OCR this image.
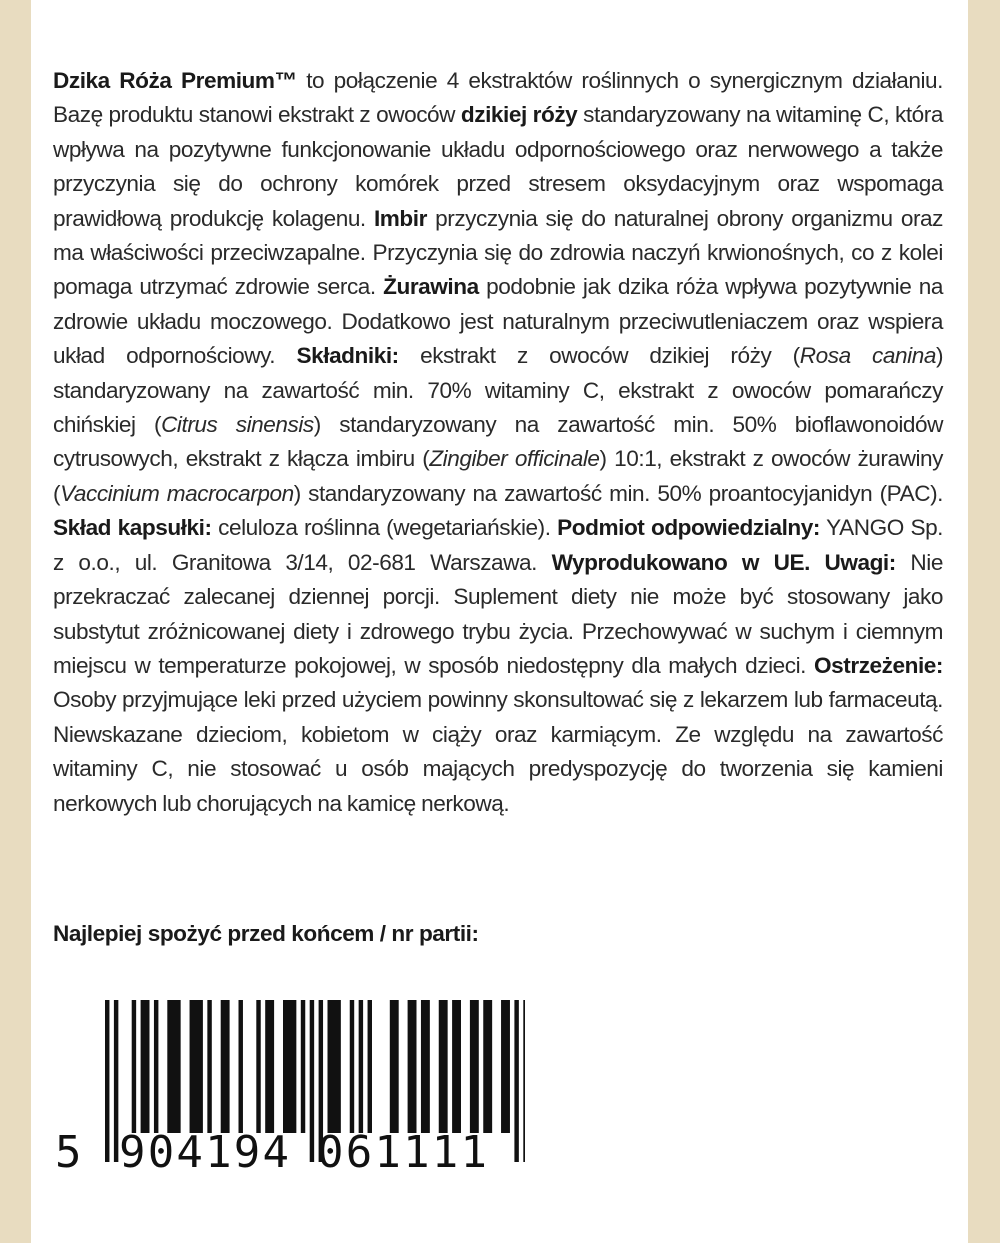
Dzika Róża Premium™ to połączenie 4 ekstraktów roślinnych o synergicznym działaniu. Bazę produktu stanowi ekstrakt z owoców dzikiej róży standaryzowany na witaminę C, która wpływa na pozytywne funkcjonowanie układu odpornościowego oraz nerwowego a także przyczynia się do ochrony komórek przed stresem oksydacyjnym oraz wspomaga prawidłową produkcję kolagenu. Imbir przyczynia się do naturalnej obrony organizmu oraz ma właściwości przeciwzapalne. Przyczynia się do zdrowia naczyń krwionośnych, co z kolei pomaga utrzymać zdrowie serca. Żurawina podobnie jak dzika róża wpływa pozytywnie na zdrowie układu moczowego. Dodatkowo jest naturalnym przeciwutleniaczem oraz wspiera układ odpornościowy. Składniki: ekstrakt z owoców dzikiej róży (Rosa canina) standaryzowany na zawartość min. 70% witaminy C, ekstrakt z owoców pomarańczy chińskiej (Citrus sinensis) standaryzowany na zawartość min. 50% bioflawonoidów cytrusowych, ekstrakt z kłącza imbiru (Zingiber officinale) 10:1, ekstrakt z owoców żurawiny (Vaccinium macrocarpon) standaryzowany na zawartość min. 50% proantocyjanidyn (PAC). Skład kapsułki: celuloza roślinna (wegetariańskie). Podmiot odpowiedzialny: YANGO Sp. z o.o., ul. Granitowa 3/14, 02-681 Warszawa. Wyprodukowano w UE. Uwagi: Nie przekraczać zalecanej dziennej porcji. Suplement diety nie może być stosowany jako substytut zróżnicowanej diety i zdrowego trybu życia. Przechowywać w suchym i ciemnym miejscu w temperaturze pokojowej, w sposób niedostępny dla małych dzieci. Ostrzeżenie: Osoby przyjmujące leki przed użyciem powinny skonsultować się z lekarzem lub farmaceutą. Niewskazane dzieciom, kobietom w ciąży oraz karmiącym. Ze względu na zawartość witaminy C, nie stosować u osób mających predyspozycję do tworzenia się kamieni nerkowych lub chorujących na kamicę nerkową.
Najlepiej spożyć przed końcem / nr partii:
5 904194 061111
